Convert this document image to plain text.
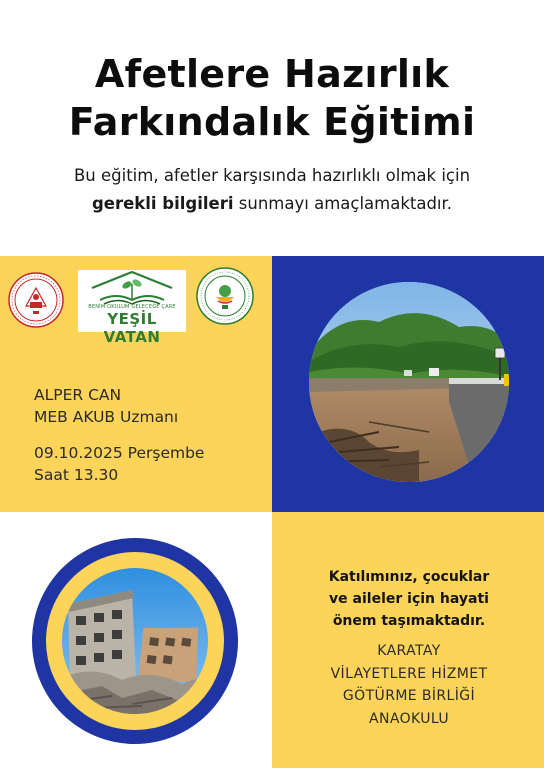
Afetlere Hazırlık
Farkındalık Eğitimi
Bu eğitim, afetler karşısında hazırlıklı olmak için
gerekli bilgileri sunmayı amaçlamaktadır.
BENİM OKULUM GELECEĞE ÇARE
YEŞİL VATAN
ALPER CAN
MEB AKUB Uzmanı
09.10.2025 Perşembe
Saat 13.30
Katılımınız, çocuklar
ve aileler için hayati
önem taşımaktadır.
KARATAY
VİLAYETLERE HİZMET
GÖTÜRME BİRLİĞİ
ANAOKULU
